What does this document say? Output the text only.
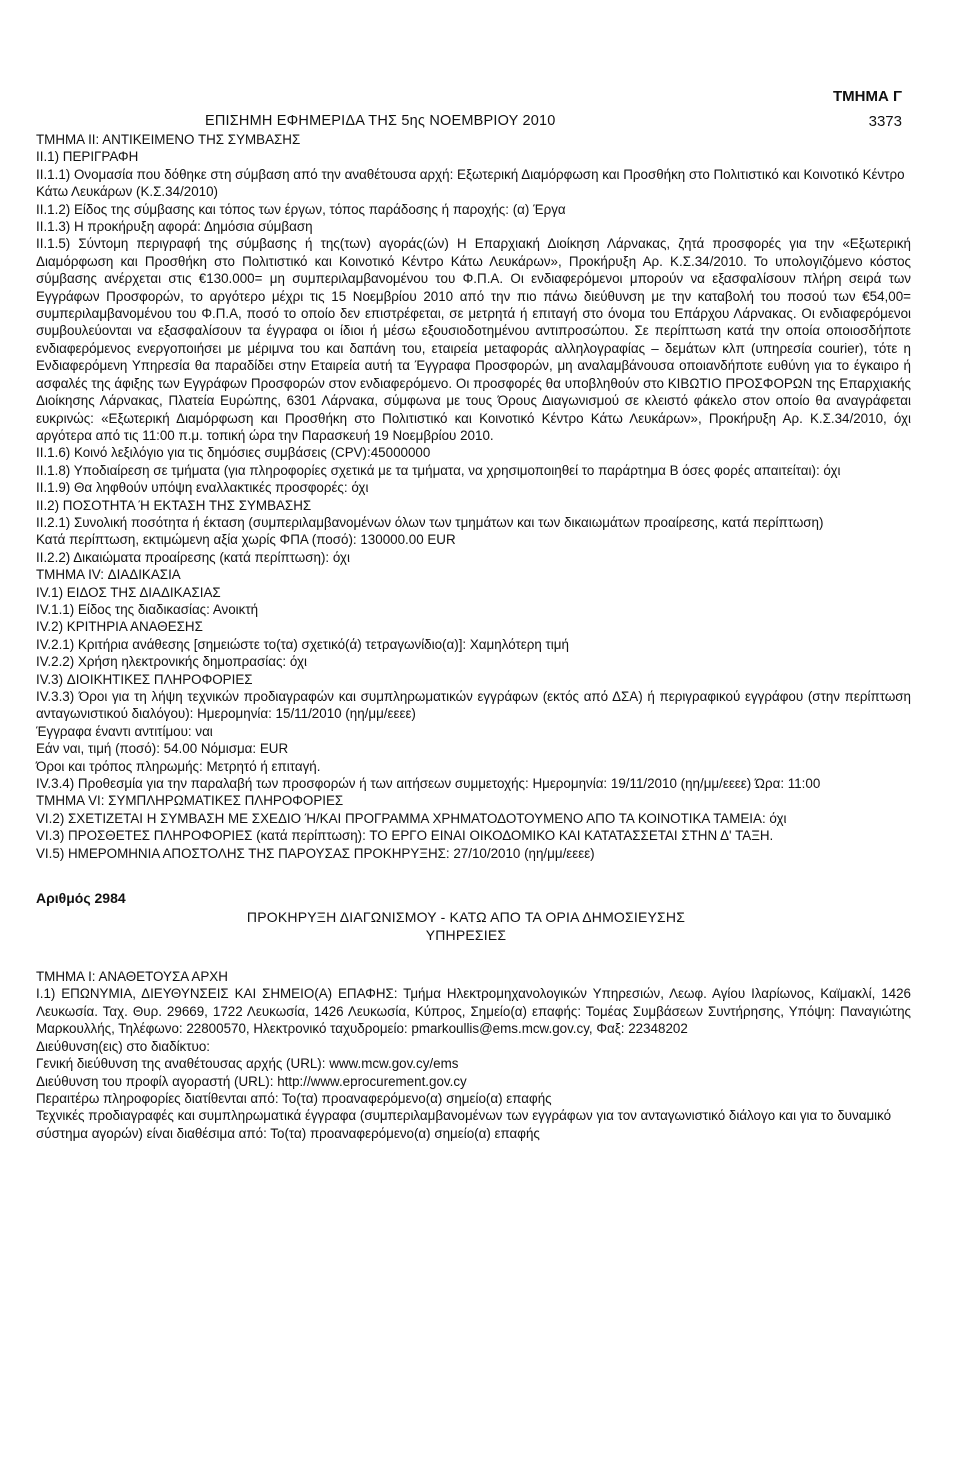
ΤΜΗΜΑ Γ
ΕΠΙΣΗΜΗ ΕΦΗΜΕΡΙΔΑ ΤΗΣ 5ης ΝΟΕΜΒΡΙΟΥ 2010	3373

ΤΜΗΜΑ ΙΙ: ΑΝΤΙΚΕΙΜΕΝΟ ΤΗΣ ΣΥΜΒΑΣΗΣ

ΙΙ.1) ΠΕΡΙΓΡΑΦΗ

ΙΙ.1.1) Ονομασία που δόθηκε στη σύμβαση από την αναθέτουσα αρχή: Εξωτερική Διαμόρφωση και Προσθήκη στο Πολιτιστικό και Κοινοτικό Κέντρο Κάτω Λευκάρων (Κ.Σ.34/2010)

ΙΙ.1.2) Είδος της σύμβασης και τόπος των έργων, τόπος παράδοσης ή παροχής: (α) Έργα

ΙΙ.1.3) Η προκήρυξη αφορά: Δημόσια σύμβαση

ΙΙ.1.5) Σύντομη περιγραφή της σύμβασης ή της(των) αγοράς(ών) Η Επαρχιακή Διοίκηση Λάρνακας, ζητά προσφορές για την «Εξωτερική Διαμόρφωση και Προσθήκη στο Πολιτιστικό και Κοινοτικό Κέντρο Κάτω Λευκάρων», Προκήρυξη Αρ. Κ.Σ.34/2010. Το υπολογιζόμενο κόστος σύμβασης ανέρχεται στις €130.000= μη συμπεριλαμβανομένου του Φ.Π.Α. Οι ενδιαφερόμενοι μπορούν να εξασφαλίσουν πλήρη σειρά των Εγγράφων Προσφορών, το αργότερο μέχρι τις 15 Νοεμβρίου 2010 από την πιο πάνω διεύθυνση με την καταβολή του ποσού των €54,00= συμπεριλαμβανομένου του Φ.Π.Α, ποσό το οποίο δεν επιστρέφεται, σε μετρητά ή επιταγή στο όνομα του Επάρχου Λάρνακας. Οι ενδιαφερόμενοι συμβουλεύονται να εξασφαλίσουν τα έγγραφα οι ίδιοι ή μέσω εξουσιοδοτημένου αντιπροσώπου. Σε περίπτωση κατά την οποία οποιοσδήποτε ενδιαφερόμενος ενεργοποιήσει με μέριμνα του και δαπάνη του, εταιρεία μεταφοράς αλληλογραφίας – δεμάτων κλπ (υπηρεσία courier), τότε η Ενδιαφερόμενη Υπηρεσία θα παραδίδει στην Εταιρεία αυτή τα Έγγραφα Προσφορών, μη αναλαμβάνουσα οποιανδήποτε ευθύνη για το έγκαιρο ή ασφαλές της άφιξης των Εγγράφων Προσφορών στον ενδιαφερόμενο. Οι προσφορές θα υποβληθούν στο ΚΙΒΩΤΙΟ ΠΡΟΣΦΟΡΩΝ της Επαρχιακής Διοίκησης Λάρνακας, Πλατεία Ευρώπης, 6301 Λάρνακα, σύμφωνα με τους Όρους Διαγωνισμού σε κλειστό φάκελο στον οποίο θα αναγράφεται ευκρινώς: «Εξωτερική Διαμόρφωση και Προσθήκη στο Πολιτιστικό και Κοινοτικό Κέντρο Κάτω Λευκάρων», Προκήρυξη Αρ. Κ.Σ.34/2010, όχι αργότερα από τις 11:00 π.μ. τοπική ώρα την Παρασκευή 19 Νοεμβρίου 2010.

ΙΙ.1.6) Κοινό λεξιλόγιο για τις δημόσιες συμβάσεις (CPV):45000000

ΙΙ.1.8) Υποδιαίρεση σε τμήματα (για πληροφορίες σχετικά με τα τμήματα, να χρησιμοποιηθεί το παράρτημα Β όσες φορές απαιτείται): όχι

ΙΙ.1.9) Θα ληφθούν υπόψη εναλλακτικές προσφορές: όχι

ΙΙ.2) ΠΟΣΟΤΗΤΑ Ή ΕΚΤΑΣΗ ΤΗΣ ΣΥΜΒΑΣΗΣ

ΙΙ.2.1) Συνολική ποσότητα ή έκταση (συμπεριλαμβανομένων όλων των τμημάτων και των δικαιωμάτων προαίρεσης, κατά περίπτωση)

Κατά περίπτωση, εκτιμώμενη αξία χωρίς ΦΠΑ (ποσό): 130000.00 EUR

ΙΙ.2.2) Δικαιώματα προαίρεσης (κατά περίπτωση): όχι

ΤΜΗΜΑ ΙV: ΔΙΑΔΙΚΑΣΙΑ

ΙV.1) ΕΙΔΟΣ ΤΗΣ ΔΙΑΔΙΚΑΣΙΑΣ

ΙV.1.1) Είδος της διαδικασίας: Ανοικτή

ΙV.2) ΚΡΙΤΗΡΙΑ ΑΝΑΘΕΣΗΣ

ΙV.2.1) Κριτήρια ανάθεσης [σημειώστε το(τα) σχετικό(ά) τετραγωνίδιο(α)]: Χαμηλότερη τιμή

ΙV.2.2) Χρήση ηλεκτρονικής δημοπρασίας: όχι

ΙV.3) ΔΙΟΙΚΗΤΙΚΕΣ ΠΛΗΡΟΦΟΡΙΕΣ

ΙV.3.3) Όροι για τη λήψη τεχνικών προδιαγραφών και συμπληρωματικών εγγράφων (εκτός από ΔΣΑ) ή περιγραφικού εγγράφου (στην περίπτωση ανταγωνιστικού διαλόγου): Ημερομηνία: 15/11/2010 (ηη/μμ/εεεε)

Έγγραφα έναντι αντιτίμου: ναι

Εάν ναι, τιμή (ποσό): 54.00 Νόμισμα: EUR

Όροι και τρόπος πληρωμής: Μετρητό ή επιταγή.

ΙV.3.4) Προθεσμία για την παραλαβή των προσφορών ή των αιτήσεων συμμετοχής: Ημερομηνία: 19/11/2010 (ηη/μμ/εεεε) Ώρα: 11:00

ΤΜΗΜΑ VI: ΣΥΜΠΛΗΡΩΜΑΤΙΚΕΣ ΠΛΗΡΟΦΟΡΙΕΣ

VI.2) ΣΧΕΤΙΖΕΤΑΙ Η ΣΥΜΒΑΣΗ ΜΕ ΣΧΕΔΙΟ Ή/ΚΑΙ ΠΡΟΓΡΑΜΜΑ ΧΡΗΜΑΤΟΔΟΤΟΥΜΕΝΟ ΑΠΟ ΤΑ ΚΟΙΝΟΤΙΚΑ ΤΑΜΕΙΑ: όχι

VI.3) ΠΡΟΣΘΕΤΕΣ ΠΛΗΡΟΦΟΡΙΕΣ (κατά περίπτωση): ΤΟ ΕΡΓΟ ΕΙΝΑΙ ΟΙΚΟΔΟΜΙΚΟ ΚΑΙ ΚΑΤΑΤΑΣΣΕΤΑΙ ΣΤΗΝ Δ' ΤΑΞΗ.

VI.5) ΗΜΕΡΟΜΗΝΙΑ ΑΠΟΣΤΟΛΗΣ ΤΗΣ ΠΑΡΟΥΣΑΣ ΠΡΟΚΗΡΥΞΗΣ: 27/10/2010 (ηη/μμ/εεεε)

Αριθμός 2984
ΠΡΟΚΗΡΥΞΗ ΔΙΑΓΩΝΙΣΜΟΥ - ΚΑΤΩ ΑΠΟ ΤΑ ΟΡΙΑ ΔΗΜΟΣΙΕΥΣΗΣ
ΥΠΗΡΕΣΙΕΣ

ΤΜΗΜΑ Ι: ΑΝΑΘΕΤΟΥΣΑ ΑΡΧΗ

Ι.1) ΕΠΩΝΥΜΙΑ, ΔΙΕΥΘΥΝΣΕΙΣ ΚΑΙ ΣΗΜΕΙΟ(Α) ΕΠΑΦΗΣ: Τμήμα Ηλεκτρομηχανολογικών Υπηρεσιών, Λεωφ. Αγίου Ιλαρίωνος, Καϊμακλί, 1426 Λευκωσία. Ταχ. Θυρ. 29669, 1722 Λευκωσία, 1426 Λευκωσία, Κύπρος, Σημείο(α) επαφής: Τομέας Συμβάσεων Συντήρησης, Υπόψη: Παναγιώτης Μαρκουλλής, Τηλέφωνο: 22800570, Ηλεκτρονικό ταχυδρομείο: pmarkoullis@ems.mcw.gov.cy, Φαξ: 22348202

Διεύθυνση(εις) στο διαδίκτυο:

Γενική διεύθυνση της αναθέτουσας αρχής (URL): www.mcw.gov.cy/ems

Διεύθυνση του προφίλ αγοραστή (URL): http://www.eprocurement.gov.cy

Περαιτέρω πληροφορίες διατίθενται από: Το(τα) προαναφερόμενο(α) σημείο(α) επαφής

Τεχνικές προδιαγραφές και συμπληρωματικά έγγραφα (συμπεριλαμβανομένων των εγγράφων για τον ανταγωνιστικό διάλογο και για το δυναμικό σύστημα αγορών) είναι διαθέσιμα από: Το(τα) προαναφερόμενο(α) σημείο(α) επαφής
